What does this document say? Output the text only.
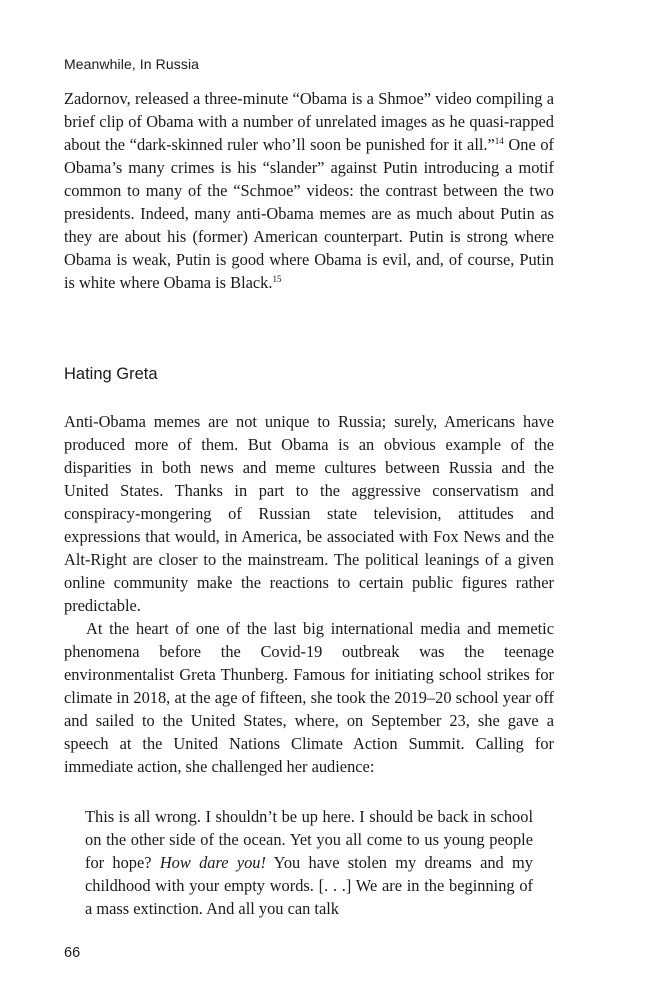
Meanwhile, In Russia

Zadornov, released a three-minute “Obama is a Shmoe” video compiling a brief clip of Obama with a number of unrelated images as he quasi-rapped about the “dark-skinned ruler who’ll soon be punished for it all.”$^{14}$ One of Obama’s many crimes is his “slander” against Putin introducing a motif common to many of the “Schmoe” videos: the contrast between the two presidents. Indeed, many anti-Obama memes are as much about Putin as they are about his (former) American counterpart. Putin is strong where Obama is weak, Putin is good where Obama is evil, and, of course, Putin is white where Obama is Black.$^{15}$

Hating Greta

Anti-Obama memes are not unique to Russia; surely, Americans have produced more of them. But Obama is an obvious example of the disparities in both news and meme cultures between Russia and the United States. Thanks in part to the aggressive conservatism and conspiracy-mongering of Russian state television, attitudes and expressions that would, in America, be associated with Fox News and the Alt-Right are closer to the mainstream. The political leanings of a given online community make the reactions to certain public figures rather predictable.

At the heart of one of the last big international media and memetic phenomena before the Covid-19 outbreak was the teenage environmentalist Greta Thunberg. Famous for initiating school strikes for climate in 2018, at the age of fifteen, she took the 2019–20 school year off and sailed to the United States, where, on September 23, she gave a speech at the United Nations Climate Action Summit. Calling for immediate action, she challenged her audience:

This is all wrong. I shouldn’t be up here. I should be back in school on the other side of the ocean. Yet you all come to us young people for hope? How dare you! You have stolen my dreams and my childhood with your empty words. [. . .] We are in the beginning of a mass extinction. And all you can talk
66
